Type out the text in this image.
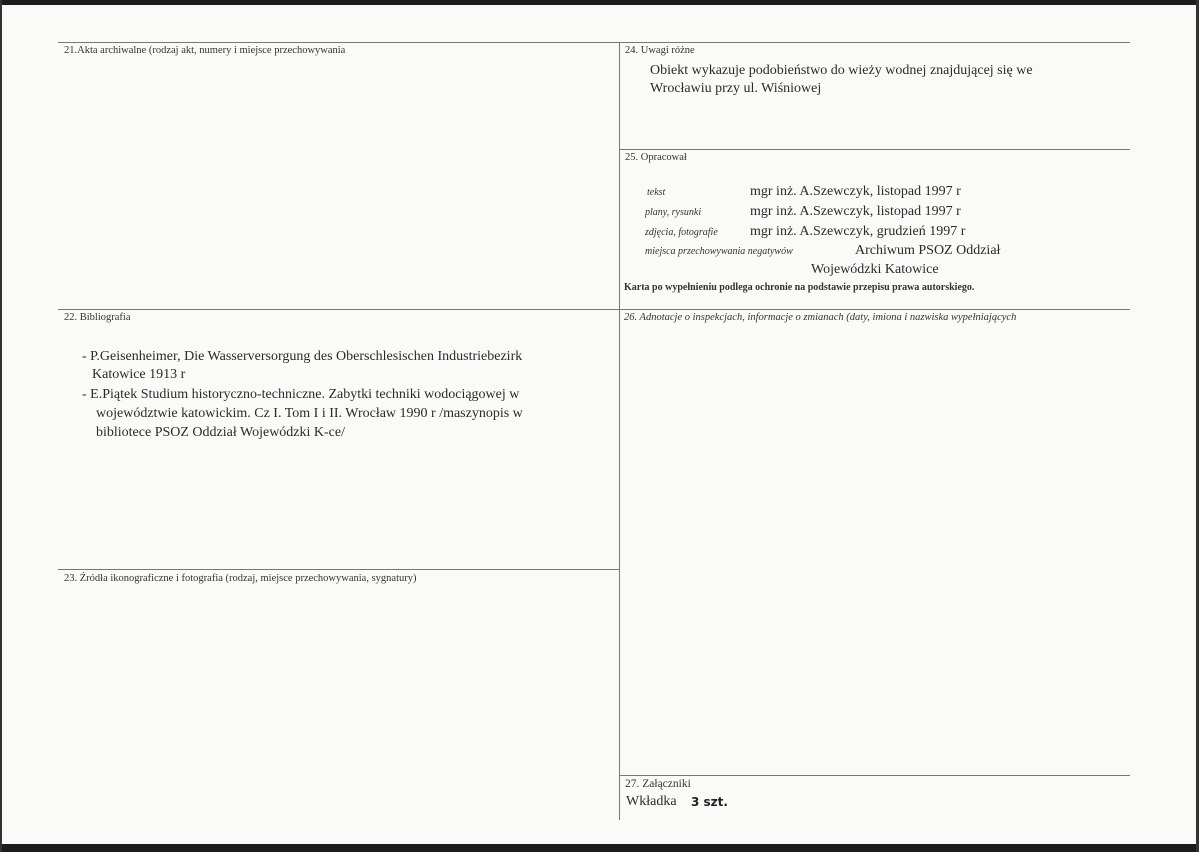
21.Akta archiwalne (rodzaj akt, numery i miejsce przechowywania	24. Uwagi różne
Obiekt wykazuje podobieństwo do wieży wodnej znajdującej się we
Wrocławiu przy ul. Wiśniowej
25. Opracował
tekst	mgr inż. A.Szewczyk, listopad 1997 r
plany, rysunki	mgr inż. A.Szewczyk, listopad 1997 r
zdjęcia, fotografie mgr inż. A.Szewczyk, grudzień 1997 r
miejsca przechowywania negatywów	Archiwum PSOZ Oddział
Wojewódzki Katowice
Karta po wypełnieniu podlega ochronie na podstawie przepisu prawa autorskiego.
22. Bibliografia
- P.Geisenheimer, Die Wasserversorgung des Oberschlesischen Industriebezirk
Katowice 1913 r
- E.Piątek Studium historyczno-techniczne. Zabytki techniki wodociągowej w
województwie katowickim. Cz I. Tom I i II. Wrocław 1990 r /maszynopis w
bibliotece PSOZ Oddział Wojewódzki K-ce/
26. Adnotacje o inspekcjach, informacje o zmianach (daty, imiona i nazwiska wypełniających
23. Źródła ikonograficzne i fotografia (rodzaj, miejsce przechowywania, sygnatury)
27. Załączniki
Wkładka 3 szt.
